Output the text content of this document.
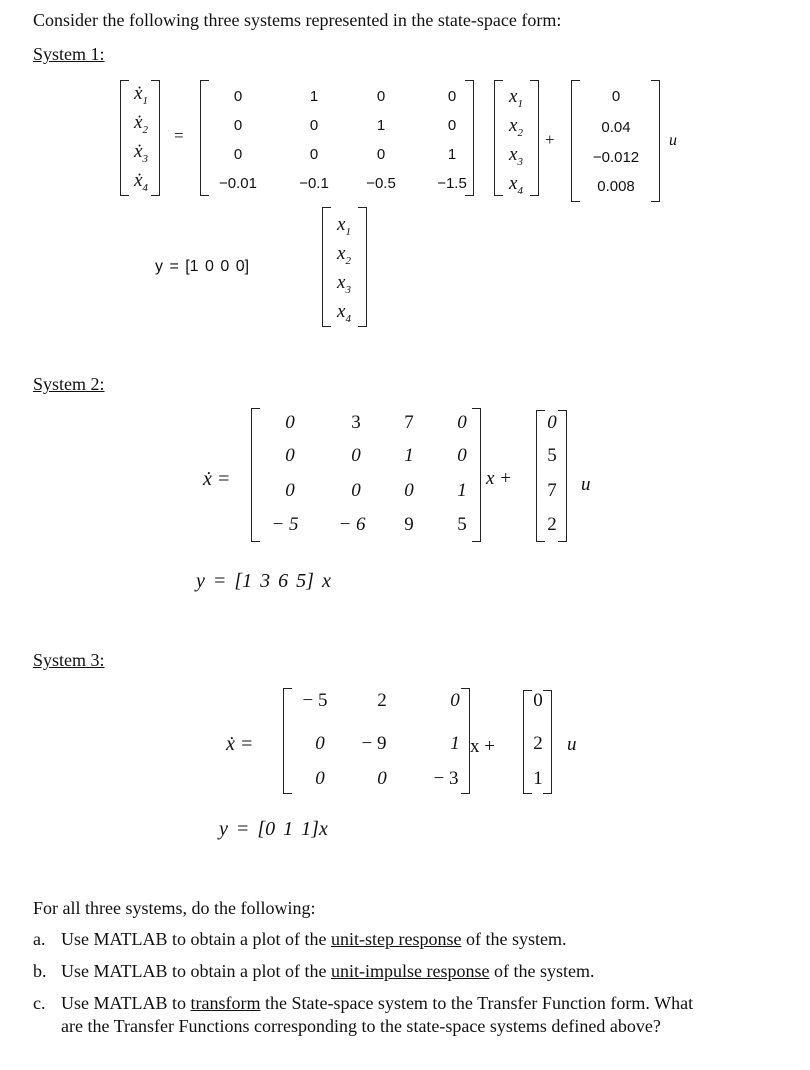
Consider the following three systems represented in the state-space form:
System 1:
ẋ$_1$
ẋ$_2$
ẋ$_3$
ẋ$_4$
=
0	1	0	0
0	0	1	0
0	0	0	1
−0.01	−0.1 −0.5	−1.5
$x_1$
$x_2$
$x_3$
$x_4$
+
0
0.04
−0.012
0.008
u
y = [1 0 0 0]
$x_1$
$x_2$
$x_3$
$x_4$
System 2:
ẋ =
0	3 7 0
0	0 1 0
0	0 0 1
− 5 − 6 9 5
x +
0
5
7
2
u
y = [1 3 6 5] x
System 3:
ẋ =
− 5	2	0
0 − 9	1
0	0 − 3
x +
0
2
1
u
y = [0 1 1]x
For all three systems, do the following:
a. Use MATLAB to obtain a plot of the unit-step response of the system.
b. Use MATLAB to obtain a plot of the unit-impulse response of the system.
c. Use MATLAB to transform the State-space system to the Transfer Function form. What
are the Transfer Functions corresponding to the state-space systems defined above?
